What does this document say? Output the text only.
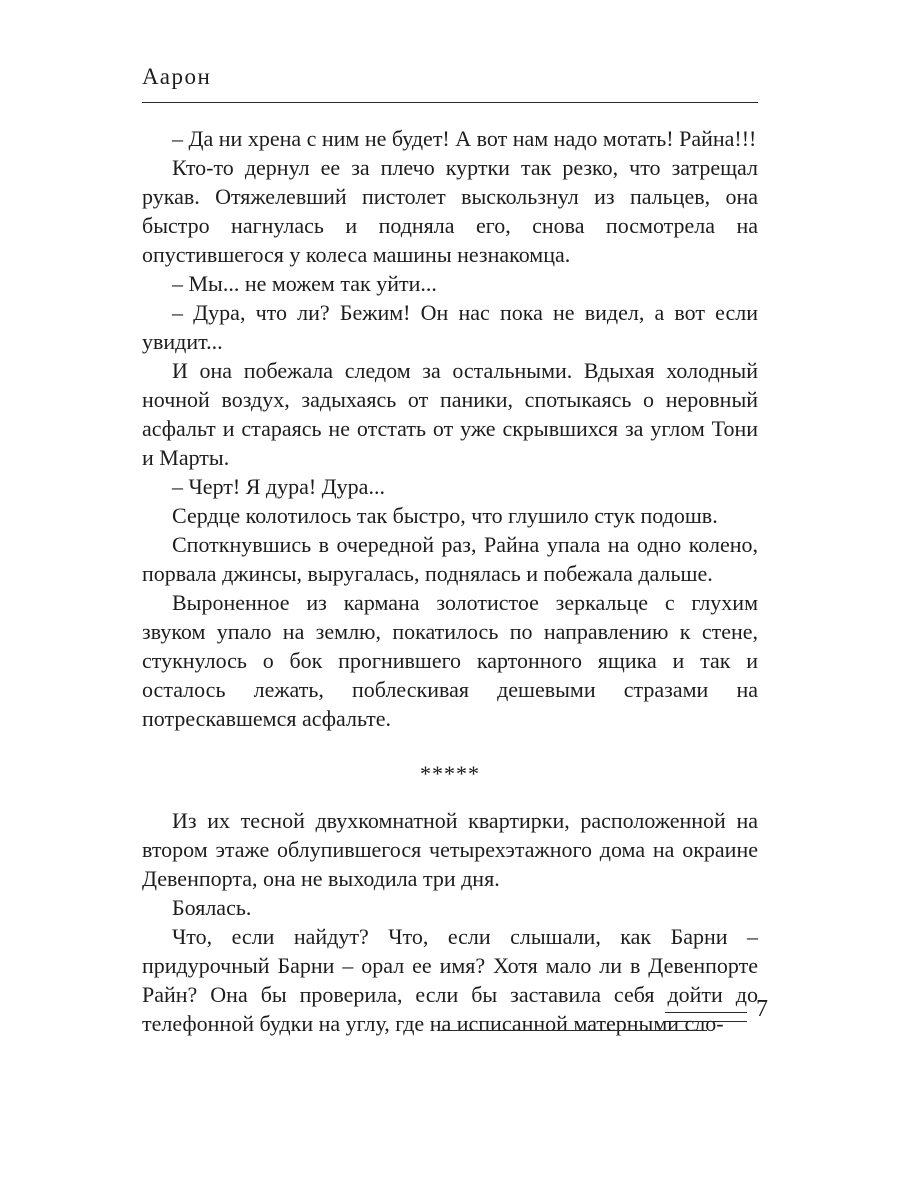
Аарон

– Да ни хрена с ним не будет! А вот нам надо мотать! Райна!!!

Кто-то дернул ее за плечо куртки так резко, что затрещал рукав. Отяжелевший пистолет выскользнул из пальцев, она быстро нагнулась и подняла его, снова посмотрела на опустившегося у колеса машины незнакомца.

– Мы... не можем так уйти...

– Дура, что ли? Бежим! Он нас пока не видел, а вот если увидит...

И она побежала следом за остальными. Вдыхая холодный ночной воздух, задыхаясь от паники, спотыкаясь о неровный асфальт и стараясь не отстать от уже скрывшихся за углом Тони и Марты.

– Черт! Я дура! Дура...

Сердце колотилось так быстро, что глушило стук подошв.

Споткнувшись в очередной раз, Райна упала на одно колено, порвала джинсы, выругалась, поднялась и побежала дальше.

Выроненное из кармана золотистое зеркальце с глухим звуком упало на землю, покатилось по направлению к стене, стукнулось о бок прогнившего картонного ящика и так и осталось лежать, поблескивая дешевыми стразами на потрескавшемся асфальте.

*****

Из их тесной двухкомнатной квартирки, расположенной на втором этаже облупившегося четырехэтажного дома на окраине Девенпорта, она не выходила три дня.

Боялась.

Что, если найдут? Что, если слышали, как Барни – придурочный Барни – орал ее имя? Хотя мало ли в Девенпорте Райн? Она бы проверила, если бы заставила себя дойти до телефонной будки на углу, где на исписанной матерными сло-

7
